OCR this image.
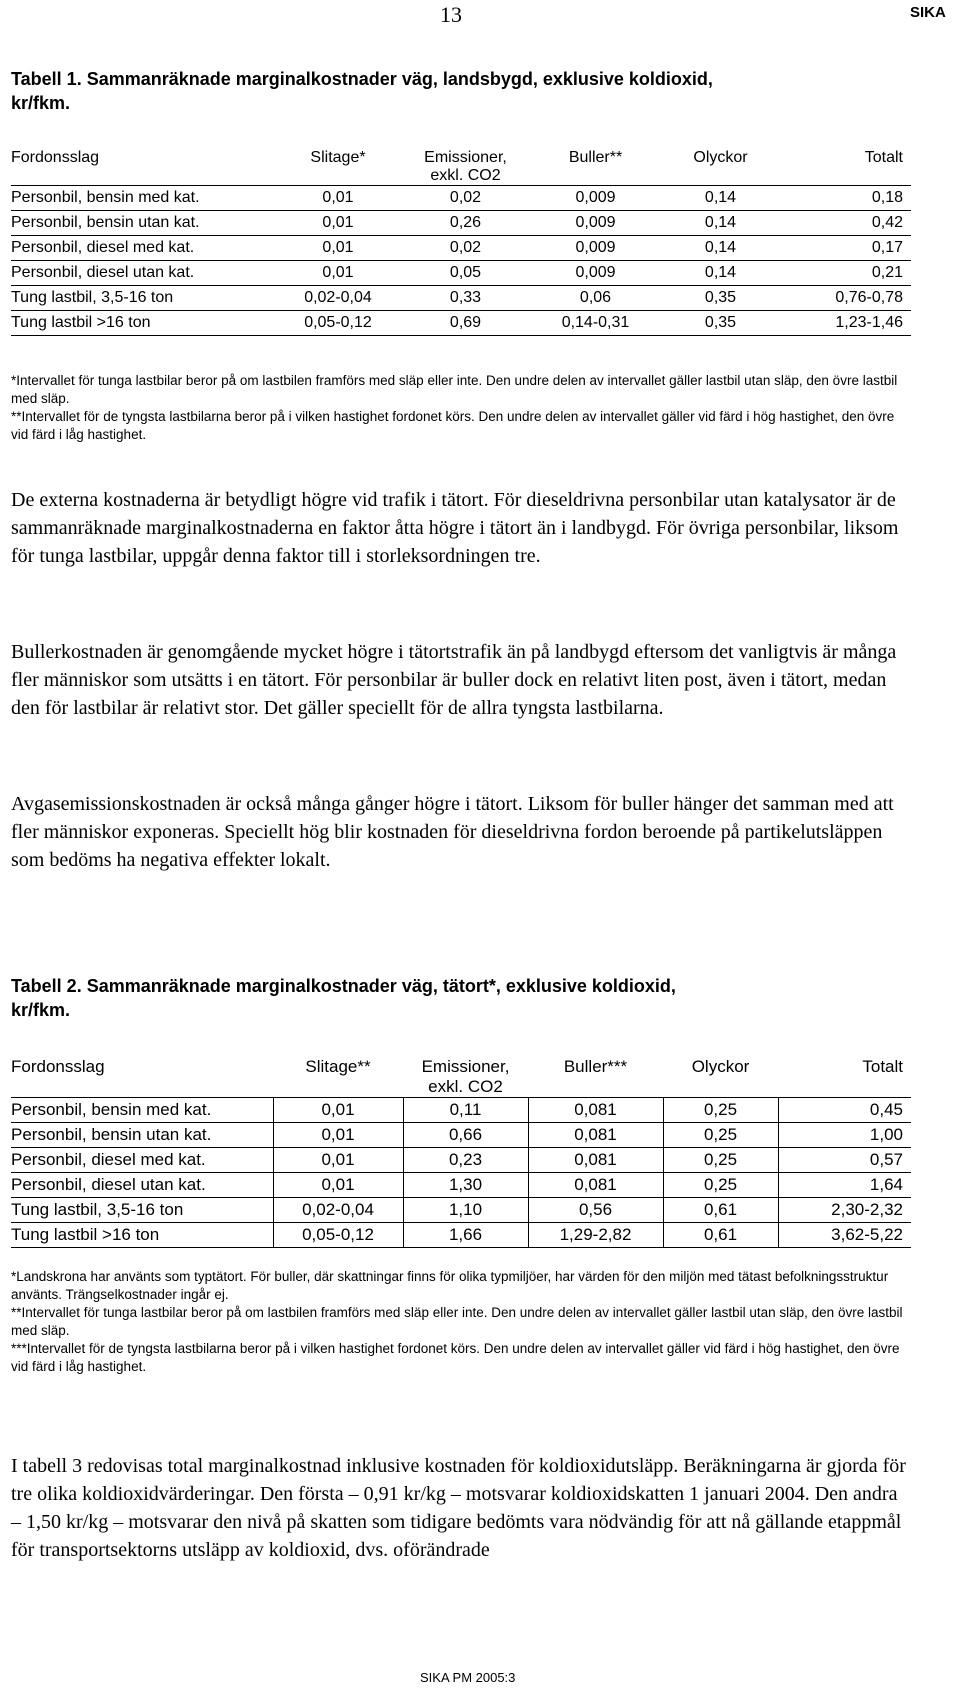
13	SIKA
Tabell 1. Sammanräknade marginalkostnader väg, landsbygd, exklusive koldioxid,
kr/fkm.
Fordonsslag	Slitage*	Emissioner,	Buller**	Olyckor	Totalt
		exkl. CO2			
Personbil, bensin med kat.	0,01	0,02	0,009	0,14	0,18
Personbil, bensin utan kat.	0,01	0,26	0,009	0,14	0,42
Personbil, diesel med kat.	0,01	0,02	0,009	0,14	0,17
Personbil, diesel utan kat.	0,01	0,05	0,009	0,14	0,21
Tung lastbil, 3,5-16 ton	0,02-0,04	0,33	0,06	0,35	0,76-0,78
Tung lastbil >16 ton	0,05-0,12	0,69	0,14-0,31	0,35	1,23-1,46

*Intervallet för tunga lastbilar beror på om lastbilen framförs med släp eller inte. Den undre delen av intervallet gäller lastbil utan släp, den övre lastbil med släp.

**Intervallet för de tyngsta lastbilarna beror på i vilken hastighet fordonet körs. Den undre delen av intervallet gäller vid färd i hög hastighet, den övre vid färd i låg hastighet.

De externa kostnaderna är betydligt högre vid trafik i tätort. För dieseldrivna personbilar utan katalysator är de sammanräknade marginalkostnaderna en faktor åtta högre i tätort än i landbygd. För övriga personbilar, liksom för tunga lastbilar, uppgår denna faktor till i storleksordningen tre.

Bullerkostnaden är genomgående mycket högre i tätortstrafik än på landbygd eftersom det vanligtvis är många fler människor som utsätts i en tätort. För personbilar är buller dock en relativt liten post, även i tätort, medan den för lastbilar är relativt stor. Det gäller speciellt för de allra tyngsta lastbilarna.

Avgasemissionskostnaden är också många gånger högre i tätort. Liksom för buller hänger det samman med att fler människor exponeras. Speciellt hög blir kostnaden för dieseldrivna fordon beroende på partikelutsläppen som bedöms ha negativa effekter lokalt.

Tabell 2. Sammanräknade marginalkostnader väg, tätort*, exklusive koldioxid,
kr/fkm.
Fordonsslag	Slitage**	Emissioner,	Buller***	Olyckor	Totalt
		exkl. CO2			
Personbil, bensin med kat.	0,01	0,11	0,081	0,25	0,45
Personbil, bensin utan kat.	0,01	0,66	0,081	0,25	1,00
Personbil, diesel med kat.	0,01	0,23	0,081	0,25	0,57
Personbil, diesel utan kat.	0,01	1,30	0,081	0,25	1,64
Tung lastbil, 3,5-16 ton	0,02-0,04	1,10	0,56	0,61	2,30-2,32
Tung lastbil >16 ton	0,05-0,12	1,66	1,29-2,82	0,61	3,62-5,22

*Landskrona har använts som typtätort. För buller, där skattningar finns för olika typmiljöer, har värden för den miljön med tätast befolkningsstruktur använts. Trängselkostnader ingår ej.

**Intervallet för tunga lastbilar beror på om lastbilen framförs med släp eller inte. Den undre delen av intervallet gäller lastbil utan släp, den övre lastbil med släp.

***Intervallet för de tyngsta lastbilarna beror på i vilken hastighet fordonet körs. Den undre delen av intervallet gäller vid färd i hög hastighet, den övre vid färd i låg hastighet.

I tabell 3 redovisas total marginalkostnad inklusive kostnaden för koldioxidutsläpp. Beräkningarna är gjorda för tre olika koldioxidvärderingar. Den första – 0,91 kr/kg – motsvarar koldioxidskatten 1 januari 2004. Den andra – 1,50 kr/kg – motsvarar den nivå på skatten som tidigare bedömts vara nödvändig för att nå gällande etappmål för transportsektorns utsläpp av koldioxid, dvs. oförändrade

SIKA PM 2005:3
